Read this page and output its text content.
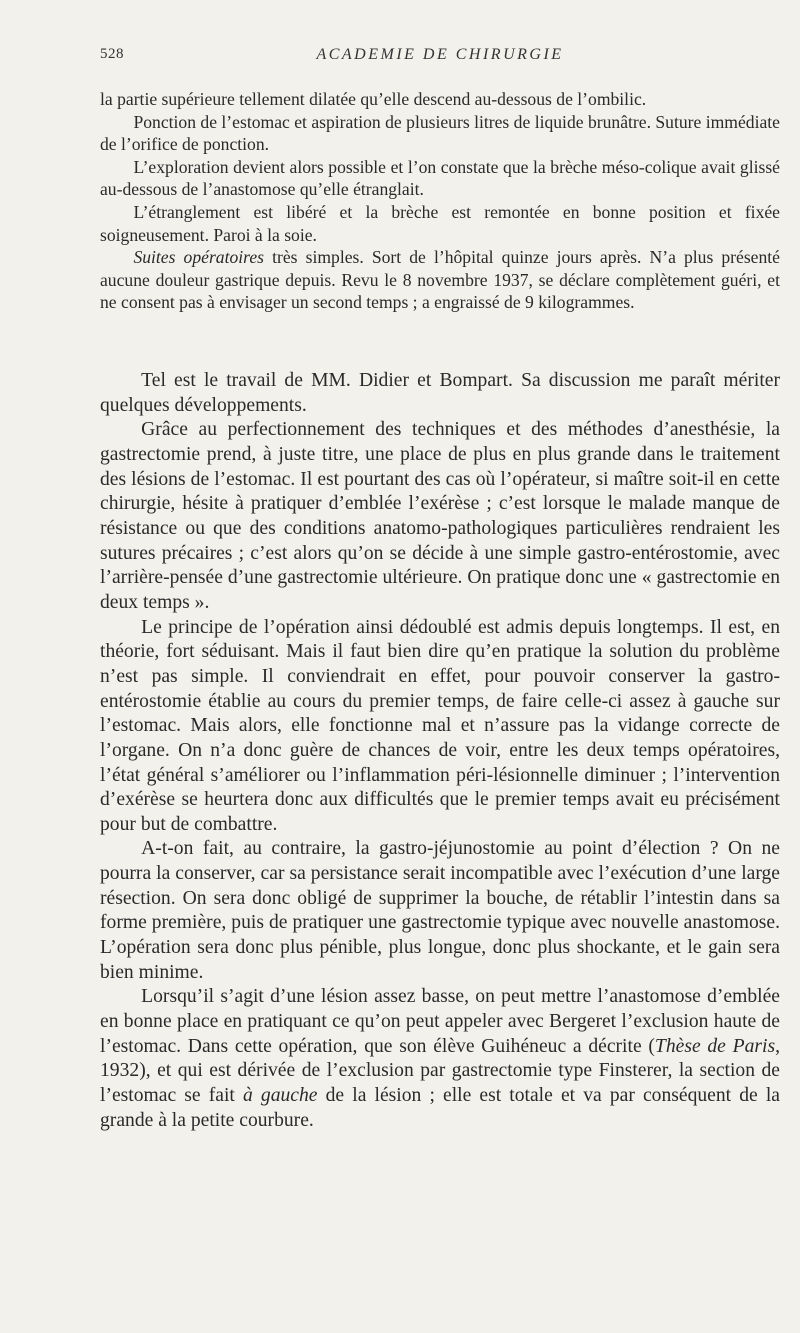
528	ACADEMIE DE CHIRURGIE

la partie supérieure tellement dilatée qu’elle descend au-dessous de l’ombilic.

Ponction de l’estomac et aspiration de plusieurs litres de liquide brunâtre. Suture immédiate de l’orifice de ponction.

L’exploration devient alors possible et l’on constate que la brèche méso-colique avait glissé au-dessous de l’anastomose qu’elle étranglait.

L’étranglement est libéré et la brèche est remontée en bonne position et fixée soigneusement. Paroi à la soie.

Suites opératoires très simples. Sort de l’hôpital quinze jours après. N’a plus présenté aucune douleur gastrique depuis. Revu le 8 novembre 1937, se déclare complètement guéri, et ne consent pas à envisager un second temps ; a engraissé de 9 kilogrammes.

Tel est le travail de MM. Didier et Bompart. Sa discussion me paraît mériter quelques développements.

Grâce au perfectionnement des techniques et des méthodes d’anesthésie, la gastrectomie prend, à juste titre, une place de plus en plus grande dans le traitement des lésions de l’estomac. Il est pourtant des cas où l’opérateur, si maître soit-il en cette chirurgie, hésite à pratiquer d’emblée l’exérèse ; c’est lorsque le malade manque de résistance ou que des conditions anatomo-pathologiques particulières rendraient les sutures précaires ; c’est alors qu’on se décide à une simple gastro-entérostomie, avec l’arrière-pensée d’une gastrectomie ultérieure. On pratique donc une « gastrectomie en deux temps ».

Le principe de l’opération ainsi dédoublé est admis depuis longtemps. Il est, en théorie, fort séduisant. Mais il faut bien dire qu’en pratique la solution du problème n’est pas simple. Il conviendrait en effet, pour pouvoir conserver la gastro-entérostomie établie au cours du premier temps, de faire celle-ci assez à gauche sur l’estomac. Mais alors, elle fonctionne mal et n’assure pas la vidange correcte de l’organe. On n’a donc guère de chances de voir, entre les deux temps opératoires, l’état général s’améliorer ou l’inflammation péri-lésionnelle diminuer ; l’intervention d’exérèse se heurtera donc aux difficultés que le premier temps avait eu précisément pour but de combattre.

A-t-on fait, au contraire, la gastro-jéjunostomie au point d’élection ? On ne pourra la conserver, car sa persistance serait incompatible avec l’exécution d’une large résection. On sera donc obligé de supprimer la bouche, de rétablir l’intestin dans sa forme première, puis de pratiquer une gastrectomie typique avec nouvelle anastomose. L’opération sera donc plus pénible, plus longue, donc plus shockante, et le gain sera bien minime.

Lorsqu’il s’agit d’une lésion assez basse, on peut mettre l’anastomose d’emblée en bonne place en pratiquant ce qu’on peut appeler avec Bergeret l’exclusion haute de l’estomac. Dans cette opération, que son élève Guihéneuc a décrite (Thèse de Paris, 1932), et qui est dérivée de l’exclusion par gastrectomie type Finsterer, la section de l’estomac se fait à gauche de la lésion ; elle est totale et va par conséquent de la grande à la petite courbure.
